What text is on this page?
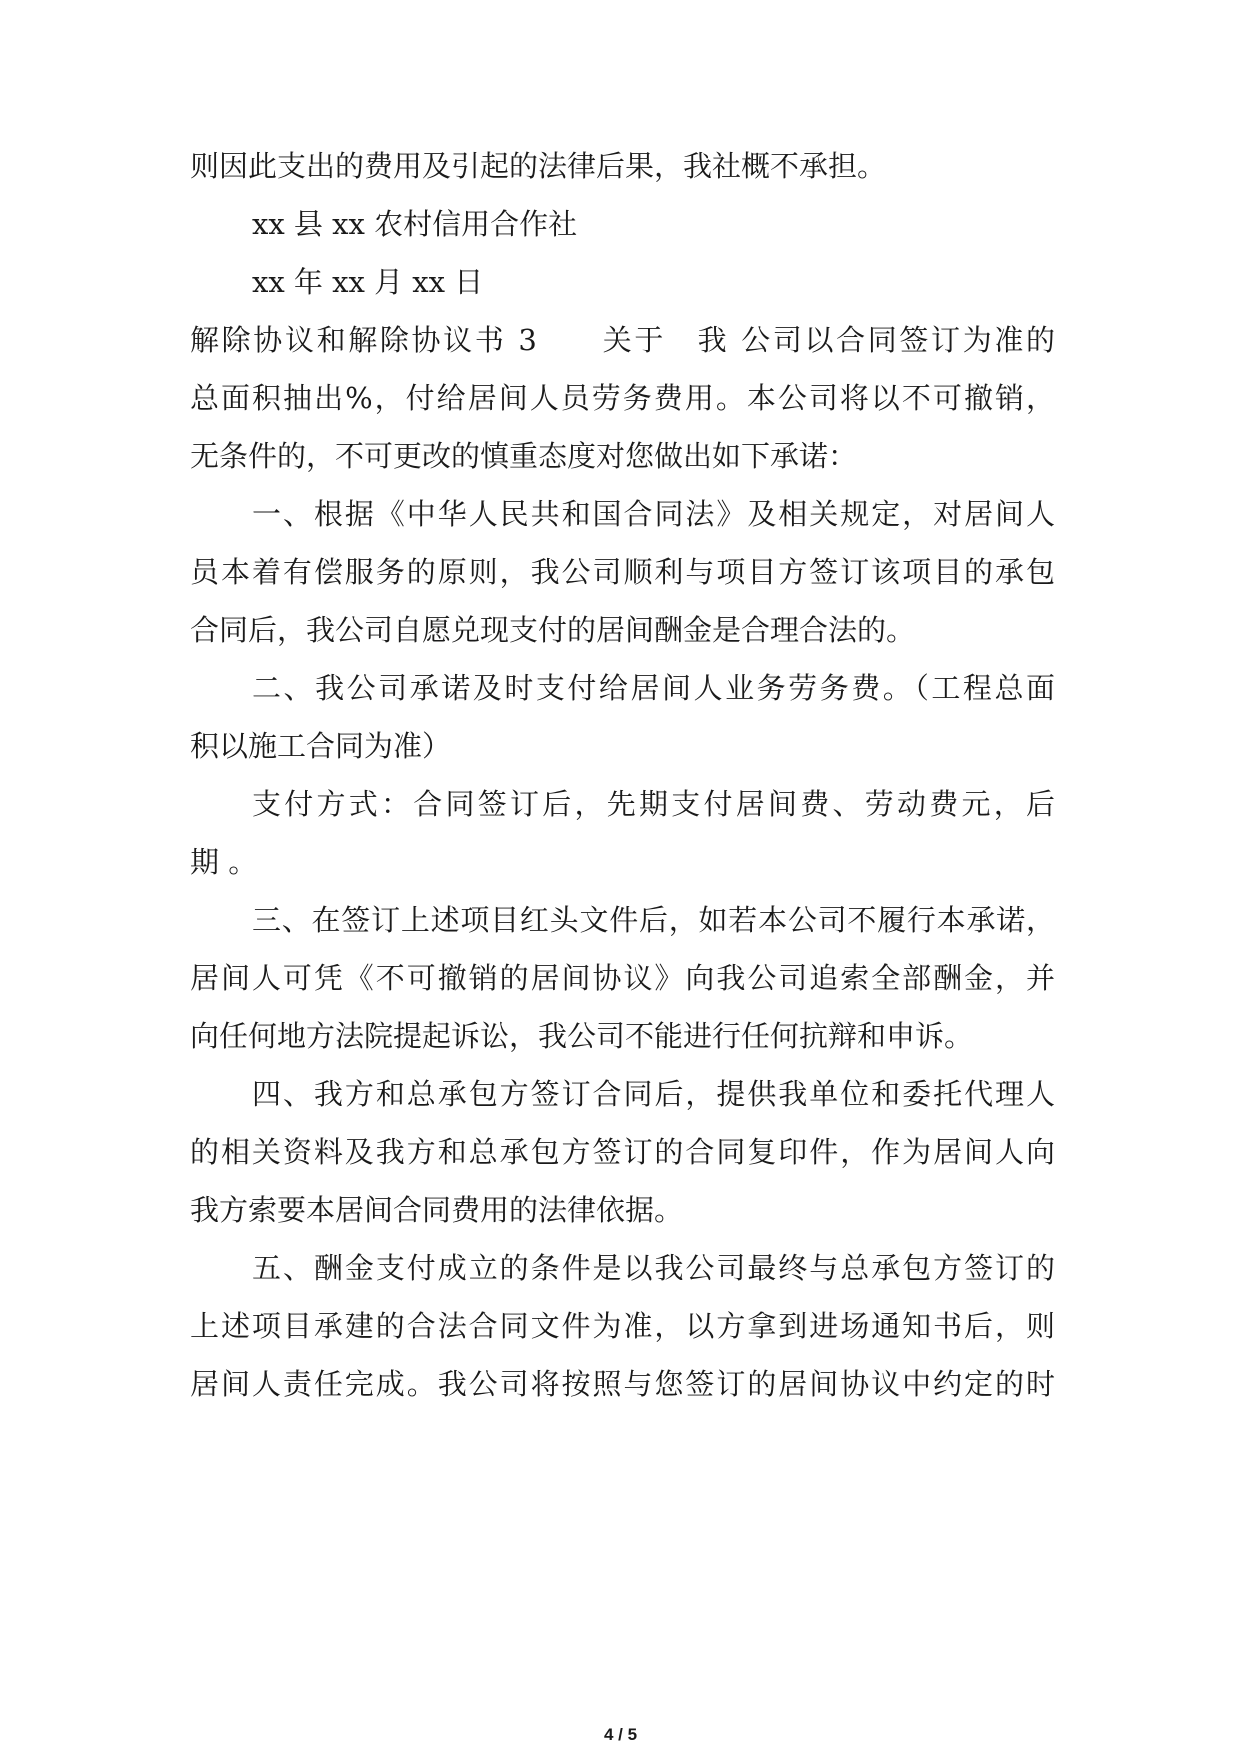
则因此支出的费用及引起的法律后果，我社概不承担。
xx 县 xx 农村信用合作社
xx 年 xx 月 xx 日
解除协议和解除协议书 3　　关于　我 公司以合同签订为准的
总面积抽出%，付给居间人员劳务费用。本公司将以不可撤销，
无条件的，不可更改的慎重态度对您做出如下承诺：
一、根据《中华人民共和国合同法》及相关规定，对居间人
员本着有偿服务的原则，我公司顺利与项目方签订该项目的承包
合同后，我公司自愿兑现支付的居间酬金是合理合法的。
二、我公司承诺及时支付给居间人业务劳务费。（工程总面
积以施工合同为准）
支付方式：合同签订后，先期支付居间费、劳动费元，后
期 。
三、在签订上述项目红头文件后，如若本公司不履行本承诺，
居间人可凭《不可撤销的居间协议》向我公司追索全部酬金，并
向任何地方法院提起诉讼，我公司不能进行任何抗辩和申诉。
四、我方和总承包方签订合同后，提供我单位和委托代理人
的相关资料及我方和总承包方签订的合同复印件，作为居间人向
我方索要本居间合同费用的法律依据。
五、酬金支付成立的条件是以我公司最终与总承包方签订的
上述项目承建的合法合同文件为准，以方拿到进场通知书后，则
居间人责任完成。我公司将按照与您签订的居间协议中约定的时
4 / 5
